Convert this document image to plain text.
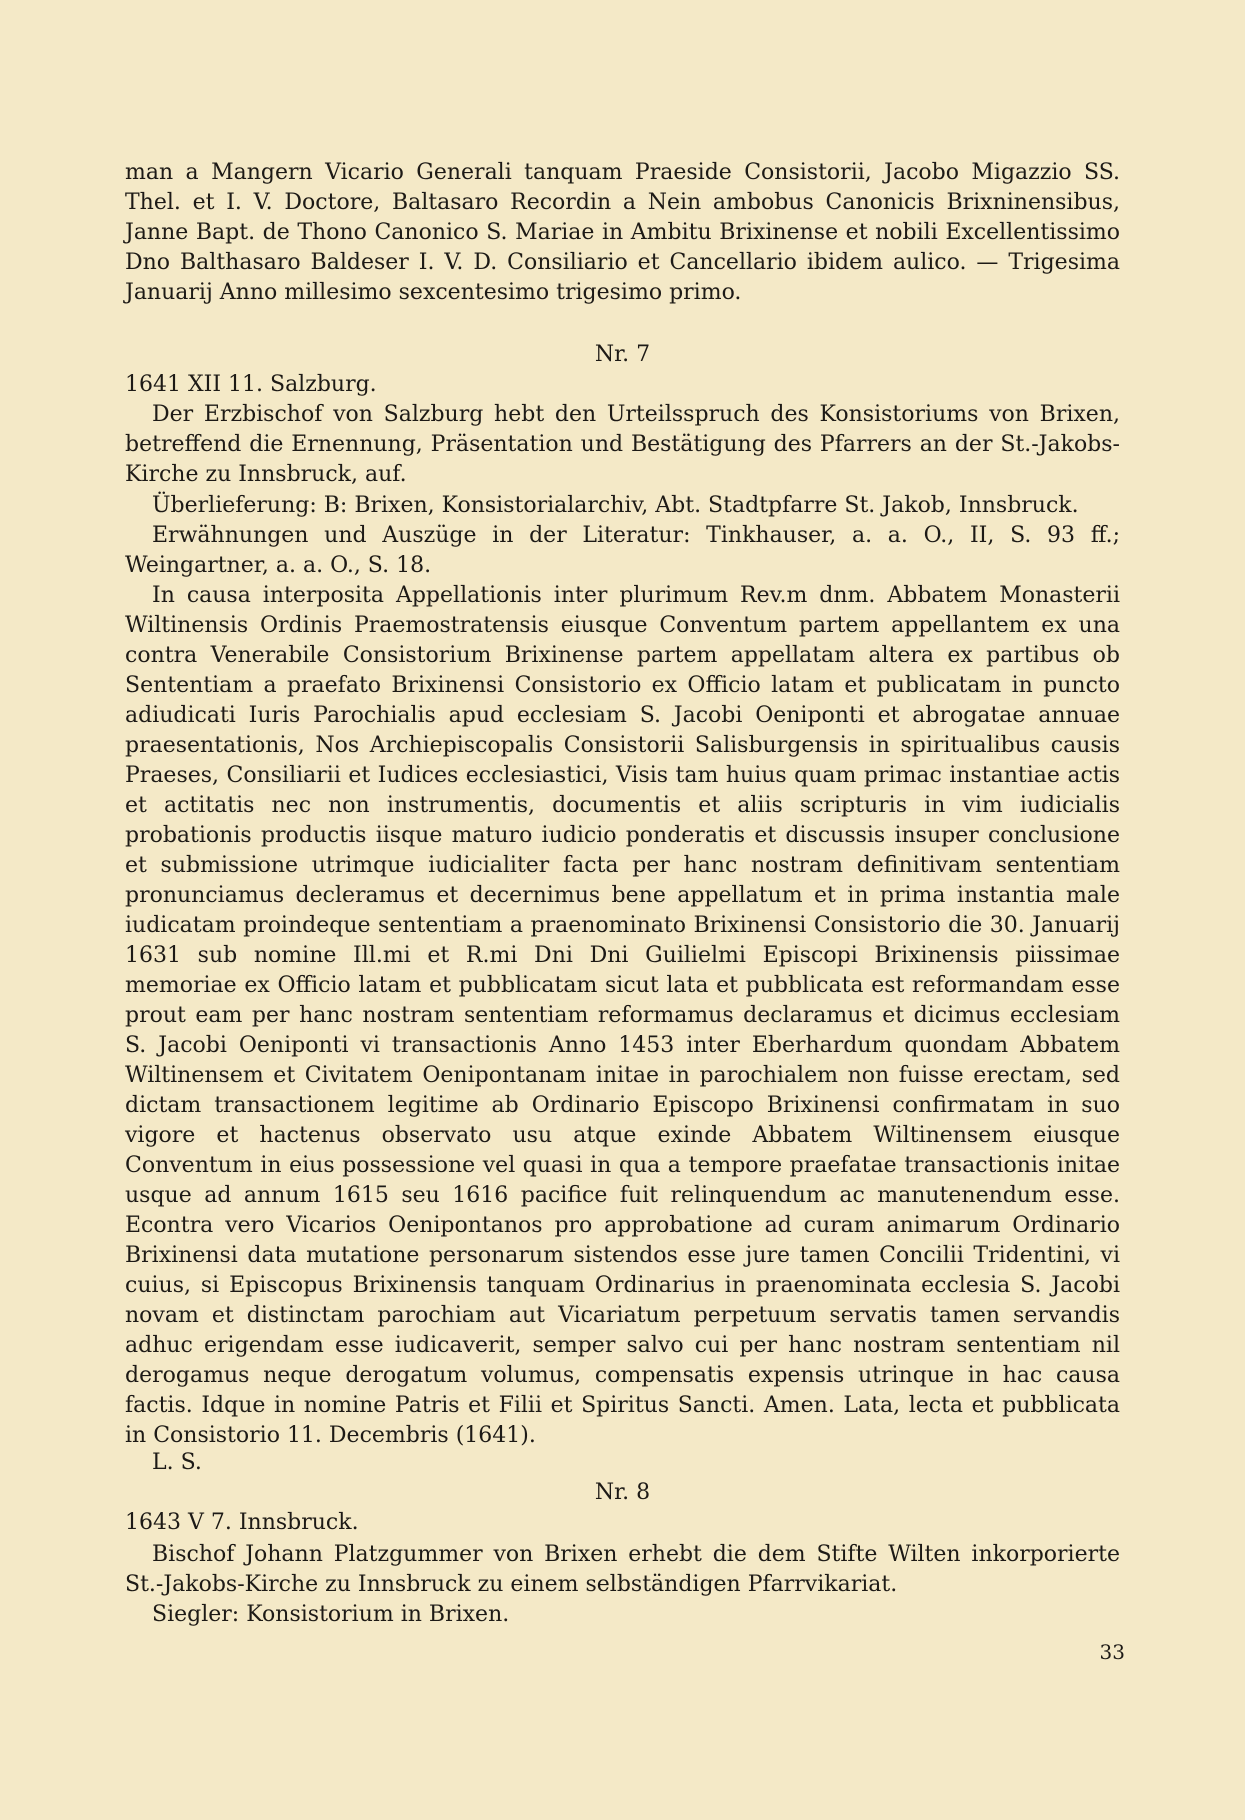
man a Mangern Vicario Generali tanquam Praeside Consistorii, Jacobo Migazzio SS. Thel. et I. V. Doctore, Baltasaro Recordin a Nein ambobus Canonicis Brixninensibus, Janne Bapt. de Thono Canonico S. Mariae in Ambitu Brixinense et nobili Excellentissimo Dno Balthasaro Baldeser I. V. D. Consiliario et Cancellario ibidem aulico. — Trigesima Januarij Anno millesimo sexcentesimo trigesimo primo.
Nr. 7
1641 XII 11. Salzburg.
Der Erzbischof von Salzburg hebt den Urteilsspruch des Konsistoriums von Brixen, betreffend die Ernennung, Präsentation und Bestätigung des Pfarrers an der St.-Jakobs-Kirche zu Innsbruck, auf.
Überlieferung: B: Brixen, Konsistorialarchiv, Abt. Stadtpfarre St. Jakob, Innsbruck.
Erwähnungen und Auszüge in der Literatur: Tinkhauser, a. a. O., II, S. 93 ff.; Weingartner, a. a. O., S. 18.
In causa interposita Appellationis inter plurimum Rev.m dnm. Abbatem Monasterii Wiltinensis Ordinis Praemostratensis eiusque Conventum partem appellantem ex una contra Venerabile Consistorium Brixinense partem appellatam altera ex partibus ob Sententiam a praefato Brixinensi Consistorio ex Officio latam et publicatam in puncto adiudicati Iuris Parochialis apud ecclesiam S. Jacobi Oeniponti et abrogatae annuae praesentationis, Nos Archiepiscopalis Consistorii Salisburgensis in spiritualibus causis Praeses, Consiliarii et Iudices ecclesiastici, Visis tam huius quam primac instantiae actis et actitatis nec non instrumentis, documentis et aliis scripturis in vim iudicialis probationis productis iisque maturo iudicio ponderatis et discussis insuper conclusione et submissione utrimque iudicialiter facta per hanc nostram definitivam sententiam pronunciamus decleramus et decernimus bene appellatum et in prima instantia male iudicatam proindeque sententiam a praenominato Brixinensi Consistorio die 30. Januarij 1631 sub nomine Ill.mi et R.mi Dni Dni Guilielmi Episcopi Brixinensis piissimae memoriae ex Officio latam et pubblicatam sicut lata et pubblicata est reformandam esse prout eam per hanc nostram sententiam reformamus declaramus et dicimus ecclesiam S. Jacobi Oeniponti vi transactionis Anno 1453 inter Eberhardum quondam Abbatem Wiltinensem et Civitatem Oenipontanam initae in parochialem non fuisse erectam, sed dictam transactionem legitime ab Ordinario Episcopo Brixinensi confirmatam in suo vigore et hactenus observato usu atque exinde Abbatem Wiltinensem eiusque Conventum in eius possessione vel quasi in qua a tempore praefatae transactionis initae usque ad annum 1615 seu 1616 pacifice fuit relinquendum ac manutenendum esse. Econtra vero Vicarios Oenipontanos pro approbatione ad curam animarum Ordinario Brixinensi data mutatione personarum sistendos esse jure tamen Concilii Tridentini, vi cuius, si Episcopus Brixinensis tanquam Ordinarius in praenominata ecclesia S. Jacobi novam et distinctam parochiam aut Vicariatum perpetuum servatis tamen servandis adhuc erigendam esse iudicaverit, semper salvo cui per hanc nostram sententiam nil derogamus neque derogatum volumus, compensatis expensis utrinque in hac causa factis. Idque in nomine Patris et Filii et Spiritus Sancti. Amen. Lata, lecta et pubblicata in Consistorio 11. Decembris (1641).
L. S.
Nr. 8
1643 V 7. Innsbruck.
Bischof Johann Platzgummer von Brixen erhebt die dem Stifte Wilten inkorporierte St.-Jakobs-Kirche zu Innsbruck zu einem selbständigen Pfarrvikariat.
Siegler: Konsistorium in Brixen.
33
